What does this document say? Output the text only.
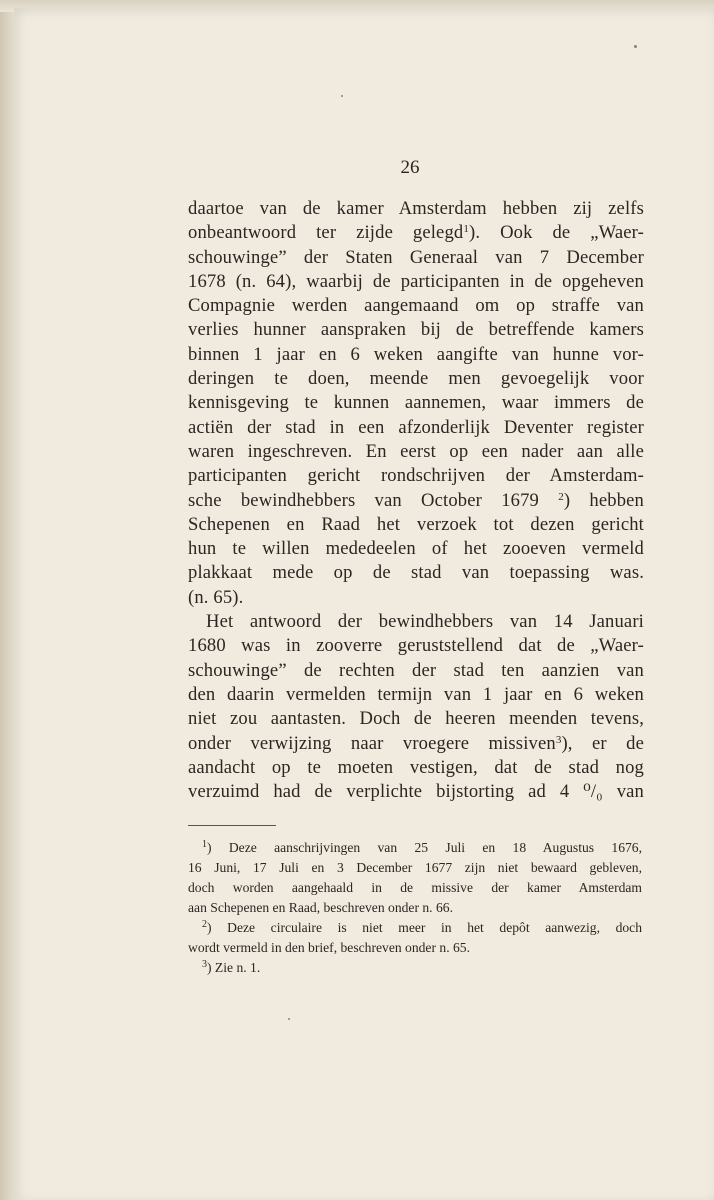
26
daartoe van de kamer Amsterdam hebben zij zelfs
onbeantwoord ter zijde gelegd$^1$). Ook de „Waer-
schouwinge” der Staten Generaal van 7 December
1678 (n. 64), waarbij de participanten in de opgeheven
Compagnie werden aangemaand om op straffe van
verlies hunner aanspraken bij de betreffende kamers
binnen 1 jaar en 6 weken aangifte van hunne vor-
deringen te doen, meende men gevoegelijk voor
kennisgeving te kunnen aannemen, waar immers de
actiën der stad in een afzonderlijk Deventer register
waren ingeschreven. En eerst op een nader aan alle
participanten gericht rondschrijven der Amsterdam-
sche bewindhebbers van October 1679 $^2$) hebben
Schepenen en Raad het verzoek tot dezen gericht
hun te willen mededeelen of het zooeven vermeld
plakkaat mede op de stad van toepassing was.
(n. 65).
Het antwoord der bewindhebbers van 14 Januari
1680 was in zooverre geruststellend dat de „Waer-
schouwinge” de rechten der stad ten aanzien van
den daarin vermelden termijn van 1 jaar en 6 weken
niet zou aantasten. Doch de heeren meenden tevens,
onder verwijzing naar vroegere missiven$^3$), er de
aandacht op te moeten vestigen, dat de stad nog
verzuimd had de verplichte bijstorting ad 4 ⁰/₀ van
$^1$) Deze aanschrijvingen van 25 Juli en 18 Augustus 1676,
16 Juni, 17 Juli en 3 December 1677 zijn niet bewaard gebleven,
doch worden aangehaald in de missive der kamer Amsterdam
aan Schepenen en Raad, beschreven onder n. 66.
$^2$) Deze circulaire is niet meer in het depôt aanwezig, doch
wordt vermeld in den brief, beschreven onder n. 65.
$^3$) Zie n. 1.
